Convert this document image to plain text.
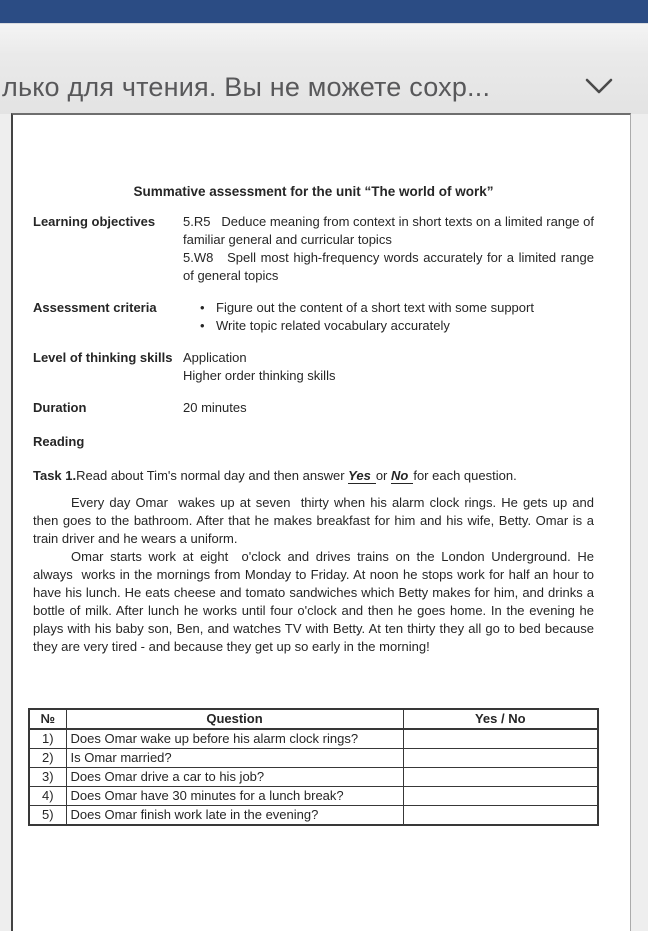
лько для чтения. Вы не можете сохр...
Summative assessment for the unit “The world of work”
Learning objectives	5.R5   Deduce meaning from context in short texts on a limited range of familiar general and curricular topics
5.W8   Spell most high-frequency words accurately for a limited range of general topics
Assessment criteria	• Figure out the content of a short text with some support
• Write topic related vocabulary accurately
Level of thinking skills Application
Higher order thinking skills
Duration	20 minutes
Reading
Task 1.Read about Tim's normal day and then answer Yes or No for each question.

Every day Omar  wakes up at seven  thirty when his alarm clock rings. He gets up and then goes to the bathroom. After that he makes breakfast for him and his wife, Betty. Omar is a train driver and he wears a uniform.

Omar starts work at eight  o'clock and drives trains on the London Underground. He always  works in the mornings from Monday to Friday. At noon he stops work for half an hour to have his lunch. He eats cheese and tomato sandwiches which Betty makes for him, and drinks a bottle of milk. After lunch he works until four o'clock and then he goes home. In the evening he plays with his baby son, Ben, and watches TV with Betty. At ten thirty they all go to bed because they are very tired - and because they get up so early in the morning!

№	Question	Yes / No
1)	Does Omar wake up before his alarm clock rings?	
2)	Is Omar married?	
3)	Does Omar drive a car to his job?	
4)	Does Omar have 30 minutes for a lunch break?	
5)	Does Omar finish work late in the evening?	
